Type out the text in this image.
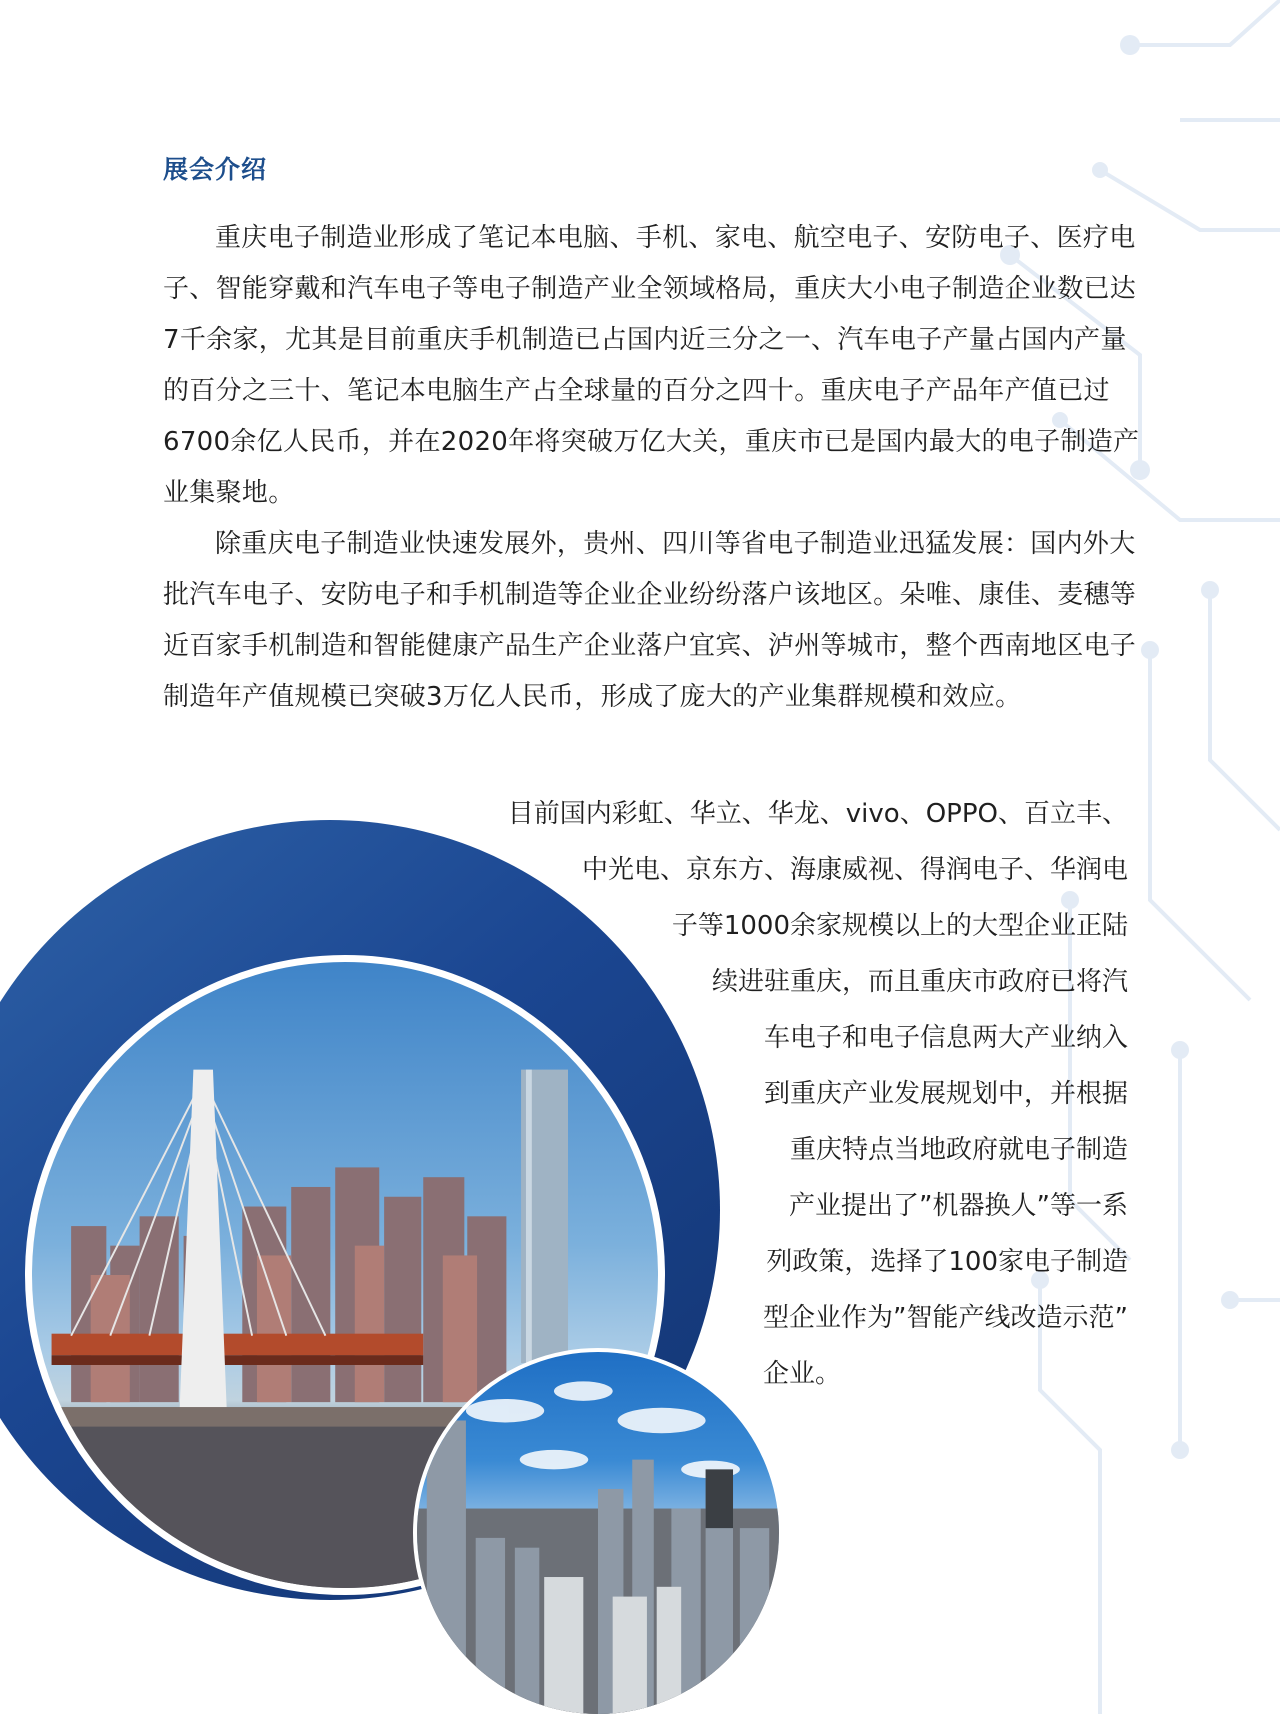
展会介绍

重庆电子制造业形成了笔记本电脑、手机、家电、航空电子、安防电子、医疗电子、智能穿戴和汽车电子等电子制造产业全领域格局，重庆大小电子制造企业数已达7千余家，尤其是目前重庆手机制造已占国内近三分之一、汽车电子产量占国内产量的百分之三十、笔记本电脑生产占全球量的百分之四十。重庆电子产品年产值已过6700余亿人民币，并在2020年将突破万亿大关，重庆市已是国内最大的电子制造产业集聚地。

除重庆电子制造业快速发展外，贵州、四川等省电子制造业迅猛发展：国内外大批汽车电子、安防电子和手机制造等企业企业纷纷落户该地区。朵唯、康佳、麦穗等近百家手机制造和智能健康产品生产企业落户宜宾、泸州等城市，整个西南地区电子制造年产值规模已突破3万亿人民币，形成了庞大的产业集群规模和效应。

目前国内彩虹、华立、华龙、vivo、OPPO、百立丰、
中光电、京东方、海康威视、得润电子、华润电
子等1000余家规模以上的大型企业正陆
续进驻重庆，而且重庆市政府已将汽
车电子和电子信息两大产业纳入
到重庆产业发展规划中，并根据
重庆特点当地政府就电子制造
产业提出了”机器换人”等一系
列政策，选择了100家电子制造
型企业作为”智能产线改造示范”
企业。
